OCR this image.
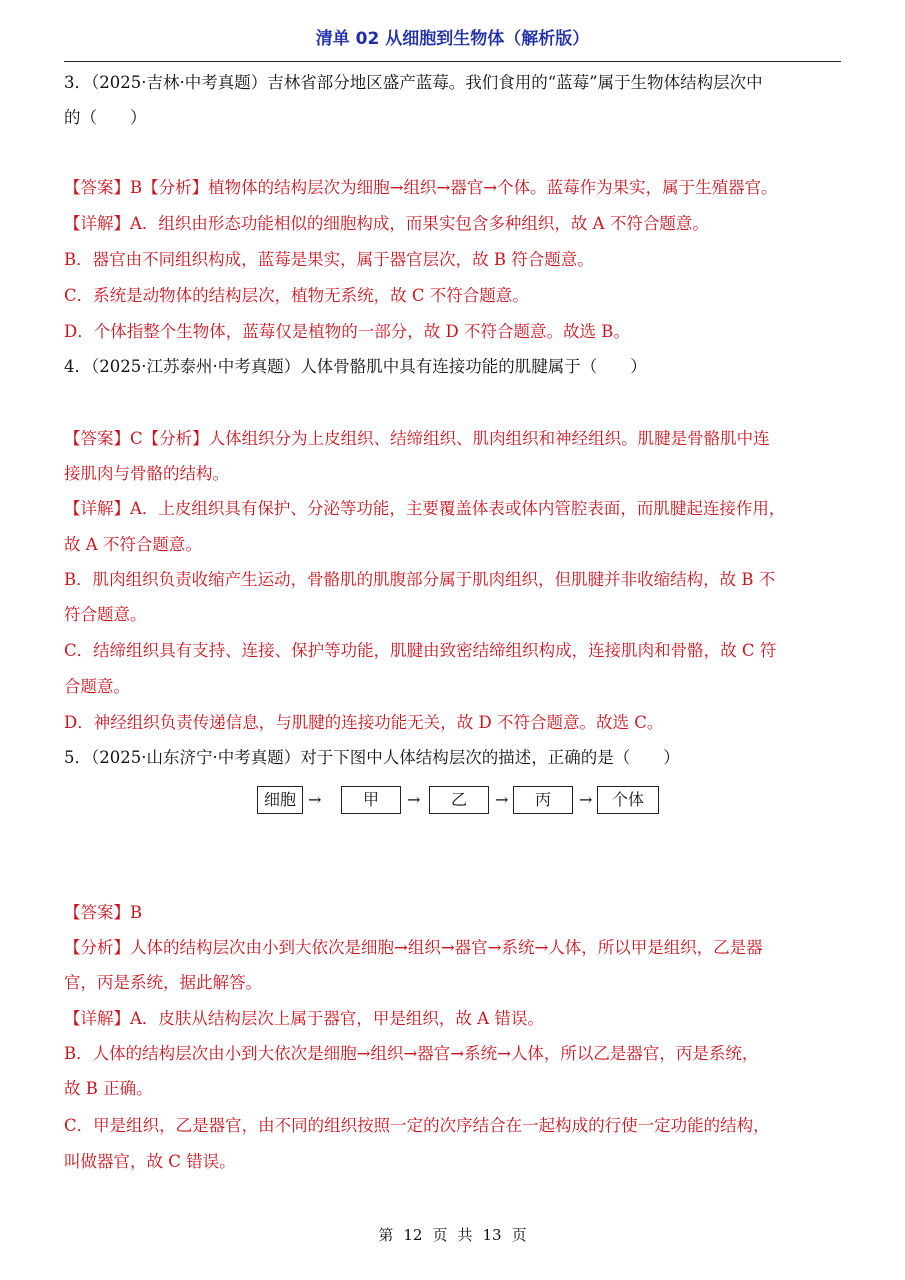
清单 02 从细胞到生物体（解析版）
3．（2025·吉林·中考真题）吉林省部分地区盛产蓝莓。我们食用的“蓝莓”属于生物体结构层次中
的（　　）
【答案】B【分析】植物体的结构层次为细胞→组织→器官→个体。蓝莓作为果实，属于生殖器官。
【详解】A．组织由形态功能相似的细胞构成，而果实包含多种组织，故 A 不符合题意。
B．器官由不同组织构成，蓝莓是果实，属于器官层次，故 B 符合题意。
C．系统是动物体的结构层次，植物无系统，故 C 不符合题意。
D．个体指整个生物体，蓝莓仅是植物的一部分，故 D 不符合题意。故选 B。
4．（2025·江苏泰州·中考真题）人体骨骼肌中具有连接功能的肌腱属于（　　）
【答案】C【分析】人体组织分为上皮组织、结缔组织、肌肉组织和神经组织。肌腱是骨骼肌中连
接肌肉与骨骼的结构。
【详解】A．上皮组织具有保护、分泌等功能，主要覆盖体表或体内管腔表面，而肌腱起连接作用，
故 A 不符合题意。
B．肌肉组织负责收缩产生运动，骨骼肌的肌腹部分属于肌肉组织，但肌腱并非收缩结构，故 B 不
符合题意。
C．结缔组织具有支持、连接、保护等功能，肌腱由致密结缔组织构成，连接肌肉和骨骼，故 C 符
合题意。
D．神经组织负责传递信息，与肌腱的连接功能无关，故 D 不符合题意。故选 C。
5．（2025·山东济宁·中考真题）对于下图中人体结构层次的描述，正确的是（　　）
细胞 →	甲	→	乙	→	丙	→	个体
【答案】B
【分析】人体的结构层次由小到大依次是细胞→组织→器官→系统→人体，所以甲是组织，乙是器
官，丙是系统，据此解答。
【详解】A．皮肤从结构层次上属于器官，甲是组织，故 A 错误。
B．人体的结构层次由小到大依次是细胞→组织→器官→系统→人体，所以乙是器官，丙是系统，
故 B 正确。
C．甲是组织，乙是器官，由不同的组织按照一定的次序结合在一起构成的行使一定功能的结构，
叫做器官，故 C 错误。
第 12 页 共 13 页
